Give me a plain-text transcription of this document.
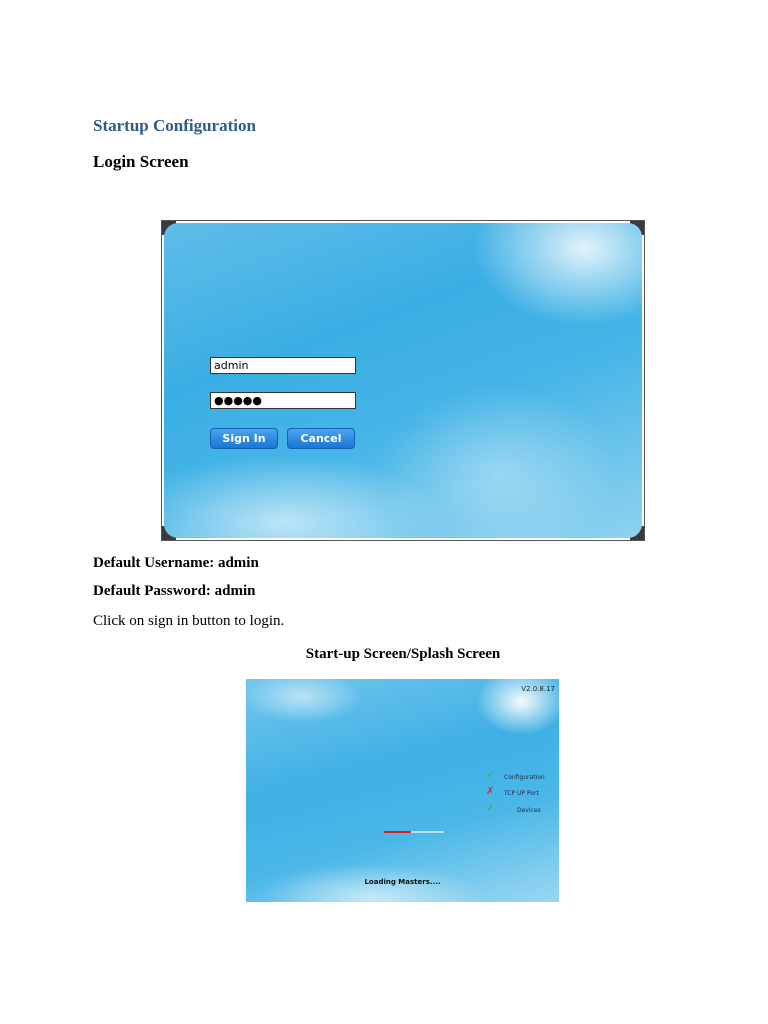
Startup Configuration
Login Screen
admin
●●●●●
Sign In	Cancel
Default Username: admin
Default Password: admin
Click on sign in button to login.
Start-up Screen/Splash Screen
V2.0.8.17
✓ Configuration
✗ TCP UP Port
✓	Devices
Loading Masters....
